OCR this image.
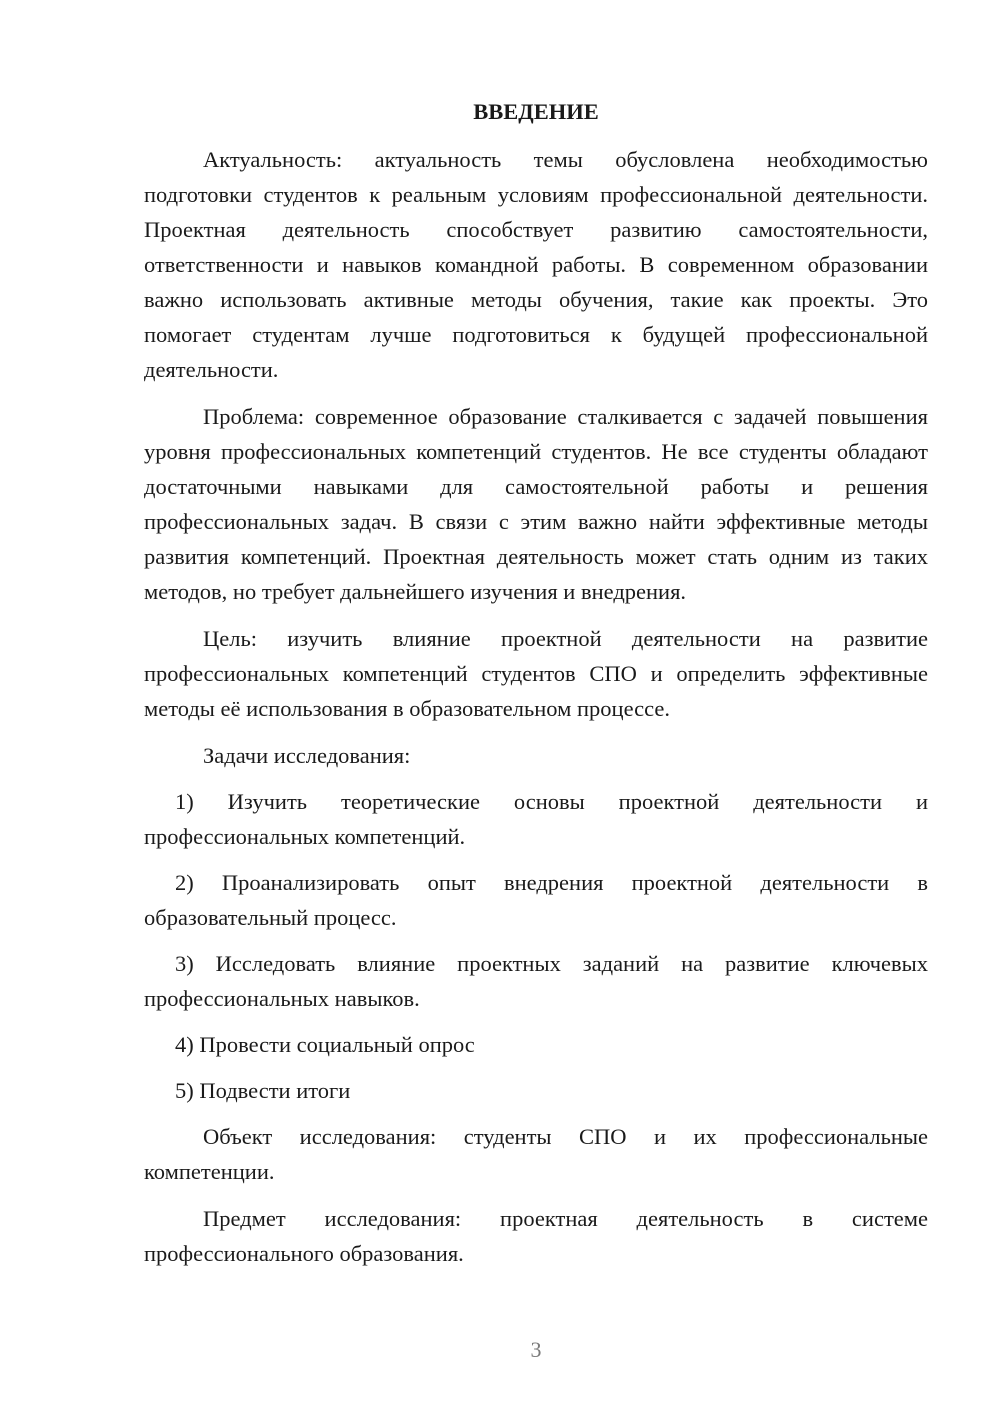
ВВЕДЕНИЕ

Актуальность: актуальность темы обусловлена необходимостью подготовки студентов к реальным условиям профессиональной деятельности. Проектная деятельность способствует развитию самостоятельности, ответственности и навыков командной работы. В современном образовании важно использовать активные методы обучения, такие как проекты. Это помогает студентам лучше подготовиться к будущей профессиональной деятельности.

Проблема: современное образование сталкивается с задачей повышения уровня профессиональных компетенций студентов. Не все студенты обладают достаточными навыками для самостоятельной работы и решения профессиональных задач. В связи с этим важно найти эффективные методы развития компетенций. Проектная деятельность может стать одним из таких методов, но требует дальнейшего изучения и внедрения.

Цель: изучить влияние проектной деятельности на развитие профессиональных компетенций студентов СПО и определить эффективные методы её использования в образовательном процессе.

Задачи исследования:

1) Изучить теоретические основы проектной деятельности и профессиональных компетенций.

2) Проанализировать опыт внедрения проектной деятельности в образовательный процесс.

3) Исследовать влияние проектных заданий на развитие ключевых профессиональных навыков.

4) Провести социальный опрос

5) Подвести итоги

Объект исследования: студенты СПО и их профессиональные компетенции.

Предмет исследования: проектная деятельность в системе профессионального образования.

3
